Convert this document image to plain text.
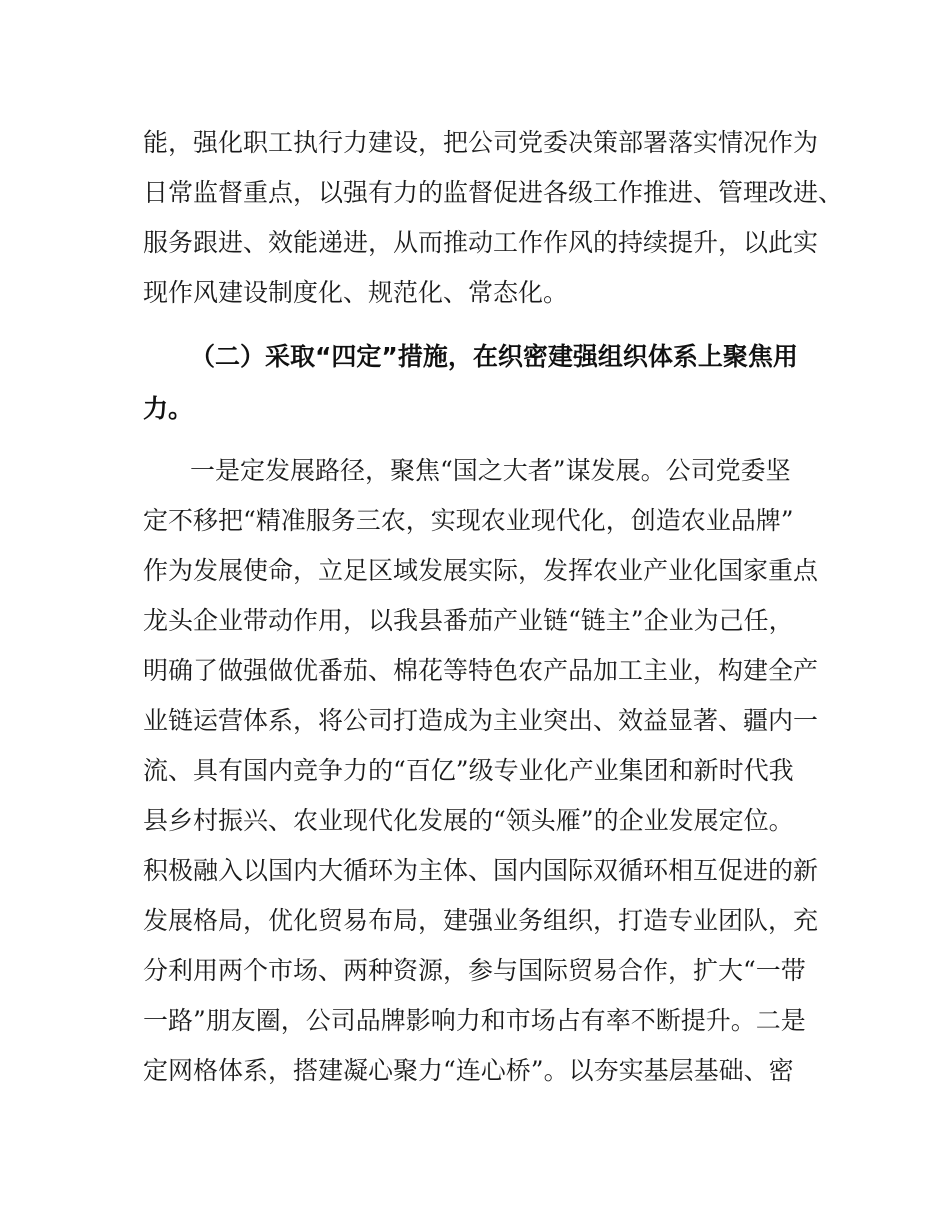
能，强化职工执行力建设，把公司党委决策部署落实情况作为
日常监督重点，以强有力的监督促进各级工作推进、管理改进、
服务跟进、效能递进，从而推动工作作风的持续提升，以此实
现作风建设制度化、规范化、常态化。
（二）采取“四定”措施，在织密建强组织体系上聚焦用
力。
一是定发展路径，聚焦“国之大者”谋发展。公司党委坚
定不移把“精准服务三农，实现农业现代化，创造农业品牌”
作为发展使命，立足区域发展实际，发挥农业产业化国家重点
龙头企业带动作用，以我县番茄产业链“链主”企业为己任，
明确了做强做优番茄、棉花等特色农产品加工主业，构建全产
业链运营体系，将公司打造成为主业突出、效益显著、疆内一
流、具有国内竞争力的“百亿”级专业化产业集团和新时代我
县乡村振兴、农业现代化发展的“领头雁”的企业发展定位。
积极融入以国内大循环为主体、国内国际双循环相互促进的新
发展格局，优化贸易布局，建强业务组织，打造专业团队，充
分利用两个市场、两种资源，参与国际贸易合作，扩大“一带
一路”朋友圈，公司品牌影响力和市场占有率不断提升。二是
定网格体系，搭建凝心聚力“连心桥”。以夯实基层基础、密
